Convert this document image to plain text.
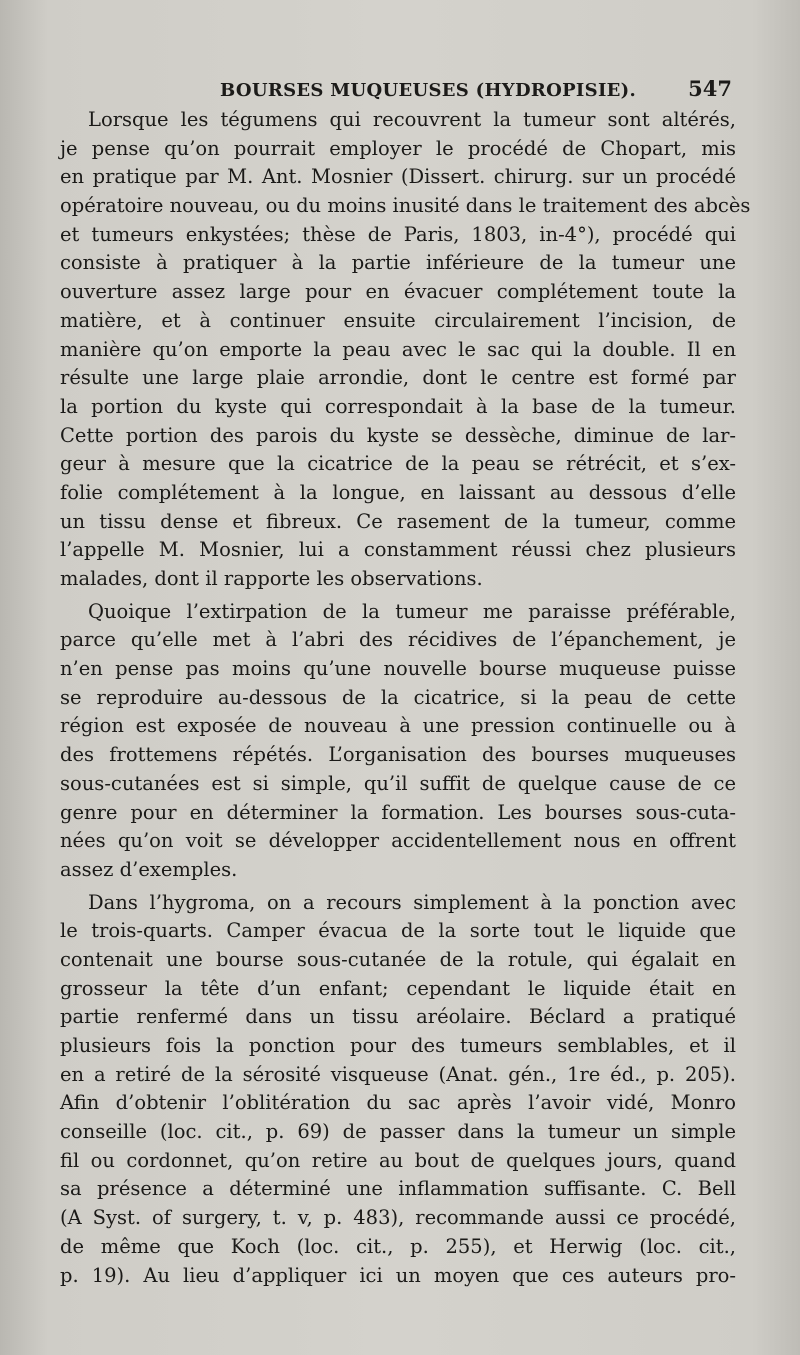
BOURSES MUQUEUSES (HYDROPISIE). 547
Lorsque les tégumens qui recouvrent la tumeur sont altérés,
je pense qu’on pourrait employer le procédé de Chopart, mis
en pratique par M. Ant. Mosnier (Dissert. chirurg. sur un procédé
opératoire nouveau, ou du moins inusité dans le traitement des abcès
et tumeurs enkystées; thèse de Paris, 1803, in-4°), procédé qui
consiste à pratiquer à la partie inférieure de la tumeur une
ouverture assez large pour en évacuer complétement toute la
matière, et à continuer ensuite circulairement l’incision, de
manière qu’on emporte la peau avec le sac qui la double. Il en
résulte une large plaie arrondie, dont le centre est formé par
la portion du kyste qui correspondait à la base de la tumeur.
Cette portion des parois du kyste se dessèche, diminue de lar-
geur à mesure que la cicatrice de la peau se rétrécit, et s’ex-
folie complétement à la longue, en laissant au dessous d’elle
un tissu dense et fibreux. Ce rasement de la tumeur, comme
l’appelle M. Mosnier, lui a constamment réussi chez plusieurs
malades, dont il rapporte les observations.
Quoique l’extirpation de la tumeur me paraisse préférable,
parce qu’elle met à l’abri des récidives de l’épanchement, je
n’en pense pas moins qu’une nouvelle bourse muqueuse puisse
se reproduire au-dessous de la cicatrice, si la peau de cette
région est exposée de nouveau à une pression continuelle ou à
des frottemens répétés. L’organisation des bourses muqueuses
sous-cutanées est si simple, qu’il suffit de quelque cause de ce
genre pour en déterminer la formation. Les bourses sous-cuta-
nées qu’on voit se développer accidentellement nous en offrent
assez d’exemples.
Dans l’hygroma, on a recours simplement à la ponction avec
le trois-quarts. Camper évacua de la sorte tout le liquide que
contenait une bourse sous-cutanée de la rotule, qui égalait en
grosseur la tête d’un enfant; cependant le liquide était en
partie renfermé dans un tissu aréolaire. Béclard a pratiqué
plusieurs fois la ponction pour des tumeurs semblables, et il
en a retiré de la sérosité visqueuse (Anat. gén., 1re éd., p. 205).
Afin d’obtenir l’oblitération du sac après l’avoir vidé, Monro
conseille (loc. cit., p. 69) de passer dans la tumeur un simple
fil ou cordonnet, qu’on retire au bout de quelques jours, quand
sa présence a déterminé une inflammation suffisante. C. Bell
(A Syst. of surgery, t. v, p. 483), recommande aussi ce procédé,
de même que Koch (loc. cit., p. 255), et Herwig (loc. cit.,
p. 19). Au lieu d’appliquer ici un moyen que ces auteurs pro-
